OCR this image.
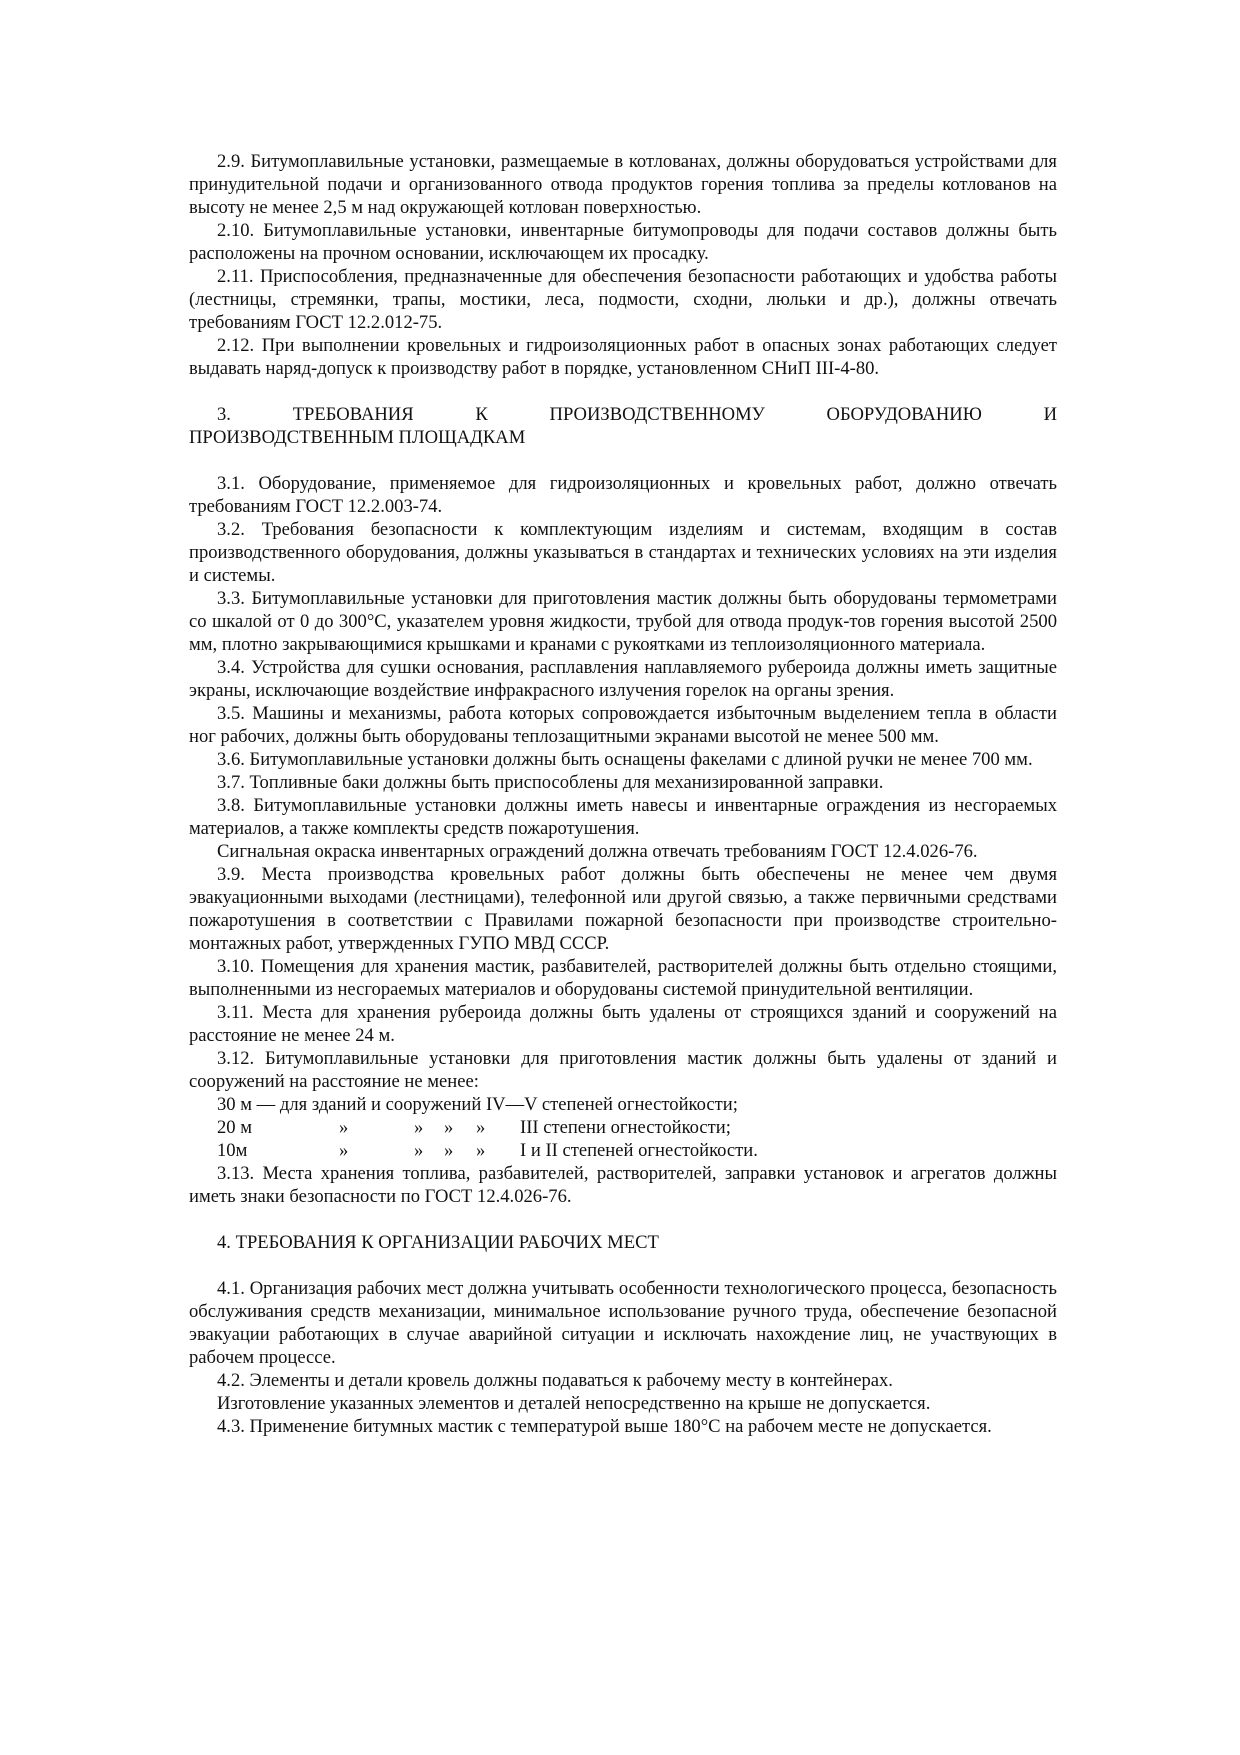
2.9. Битумоплавильные установки, размещаемые в котлованах, должны оборудоваться устройствами для принудительной подачи и организованного отвода продуктов горения топлива за пределы котлованов на высоту не менее 2,5 м над окружающей котлован поверхностью.

2.10. Битумоплавильные установки, инвентарные битумопроводы для подачи составов должны быть расположены на прочном основании, исключающем их просадку.

2.11. Приспособления, предназначенные для обеспечения безопасности работающих и удобства работы (лестницы, стремянки, трапы, мостики, леса, подмости, сходни, люльки и др.), должны отвечать требованиям ГОСТ 12.2.012-75.

2.12. При выполнении кровельных и гидроизоляционных работ в опасных зонах работающих следует выдавать наряд-допуск к производству работ в порядке, установленном СНиП III-4-80.

3. ТРЕБОВАНИЯ К ПРОИЗВОДСТВЕННОМУ ОБОРУДОВАНИЮ И

ПРОИЗВОДСТВЕННЫМ ПЛОЩАДКАМ

3.1. Оборудование, применяемое для гидроизоляционных и кровельных работ, должно отвечать требованиям ГОСТ 12.2.003-74.

3.2. Требования безопасности к комплектующим изделиям и системам, входящим в состав производственного оборудования, должны указываться в стандартах и технических условиях на эти изделия и системы.

3.3. Битумоплавильные установки для приготовления мастик должны быть оборудованы термометрами со шкалой от 0 до 300°С, указателем уровня жидкости, трубой для отвода продук-тов горения высотой 2500 мм, плотно закрывающимися крышками и кранами с рукоятками из теплоизоляционного материала.

3.4. Устройства для сушки основания, расплавления наплавляемого рубероида должны иметь защитные экраны, исключающие воздействие инфракрасного излучения горелок на органы зрения.

3.5. Машины и механизмы, работа которых сопровождается избыточным выделением тепла в области ног рабочих, должны быть оборудованы теплозащитными экранами высотой не менее 500 мм.

3.6. Битумоплавильные установки должны быть оснащены факелами с длиной ручки не менее 700 мм.

3.7. Топливные баки должны быть приспособлены для механизированной заправки.

3.8. Битумоплавильные установки должны иметь навесы и инвентарные ограждения из несгораемых материалов, а также комплекты средств пожаротушения.

Сигнальная окраска инвентарных ограждений должна отвечать требованиям ГОСТ 12.4.026-76.

3.9. Места производства кровельных работ должны быть обеспечены не менее чем двумя эвакуационными выходами (лестницами), телефонной или другой связью, а также первичными средствами пожаротушения в соответствии с Правилами пожарной безопасности при производстве строительно-монтажных работ, утвержденных ГУПО МВД СССР.

3.10. Помещения для хранения мастик, разбавителей, растворителей должны быть отдельно стоящими, выполненными из несгораемых материалов и оборудованы системой принудительной вентиляции.

3.11. Места для хранения рубероида должны быть удалены от строящихся зданий и сооружений на расстояние не менее 24 м.

3.12. Битумоплавильные установки для приготовления мастик должны быть удалены от зданий и сооружений на расстояние не менее:

30 м — для зданий и сооружений IV—V степеней огнестойкости;

20 м	»	»	»	»	III степени огнестойкости;
10м	»	»	»	»	I и II степеней огнестойкости.

3.13. Места хранения топлива, разбавителей, растворителей, заправки установок и агрегатов должны иметь знаки безопасности по ГОСТ 12.4.026-76.

4. ТРЕБОВАНИЯ К ОРГАНИЗАЦИИ РАБОЧИХ МЕСТ

4.1. Организация рабочих мест должна учитывать особенности технологического процесса, безопасность обслуживания средств механизации, минимальное использование ручного труда, обеспечение безопасной эвакуации работающих в случае аварийной ситуации и исключать нахождение лиц, не участвующих в рабочем процессе.

4.2. Элементы и детали кровель должны подаваться к рабочему месту в контейнерах.

Изготовление указанных элементов и деталей непосредственно на крыше не допускается.

4.3. Применение битумных мастик с температурой выше 180°С на рабочем месте не допускается.
